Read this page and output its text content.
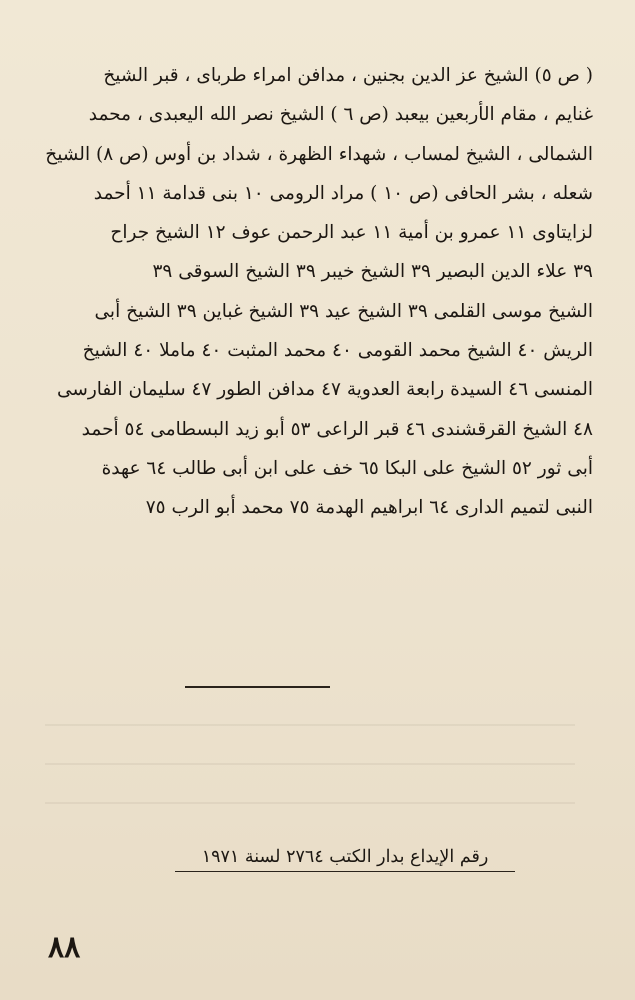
( ص ٥) الشيخ عز الدين بجنين ، مدافن امراء طرباى ، قبر الشيخ
غنايم ، مقام الأربعين بيعبد (ص ٦ ) الشيخ نصر الله اليعبدى ، محمد
الشمالى ، الشيخ لمساب ، شهداء الظهرة ، شداد بن أوس (ص ٨) الشيخ
شعله ، بشر الحافى (ص ١٠ ) مراد الرومى ١٠ بنى قدامة ١١ أحمد
لزايتاوى ١١ عمرو بن أمية ١١ عبد الرحمن عوف ١٢ الشيخ جراح
٣٩ علاء الدين البصير ٣٩ الشيخ خيبر ٣٩ الشيخ السوقى ٣٩
الشيخ موسى القلمى ٣٩ الشيخ عيد ٣٩ الشيخ غباين ٣٩ الشيخ أبى
الريش ٤٠ الشيخ محمد القومى ٤٠ محمد المثبت ٤٠ ماملا ٤٠ الشيخ
المنسى ٤٦ السيدة رابعة العدوية ٤٧ مدافن الطور ٤٧ سليمان الفارسى
٤٨ الشيخ القرقشندى ٤٦ قبر الراعى ٥٣ أبو زيد البسطامى ٥٤ أحمد
أبى ثور ٥٢ الشيخ على البكا ٦٥ خف على ابن أبى طالب ٦٤ عهدة
النبى لتميم الدارى ٦٤ ابراهيم الهدمة ٧٥ محمد أبو الرب ٧٥
رقم الإيداع بدار الكتب ٢٧٦٤ لسنة ١٩٧١
٨٨
